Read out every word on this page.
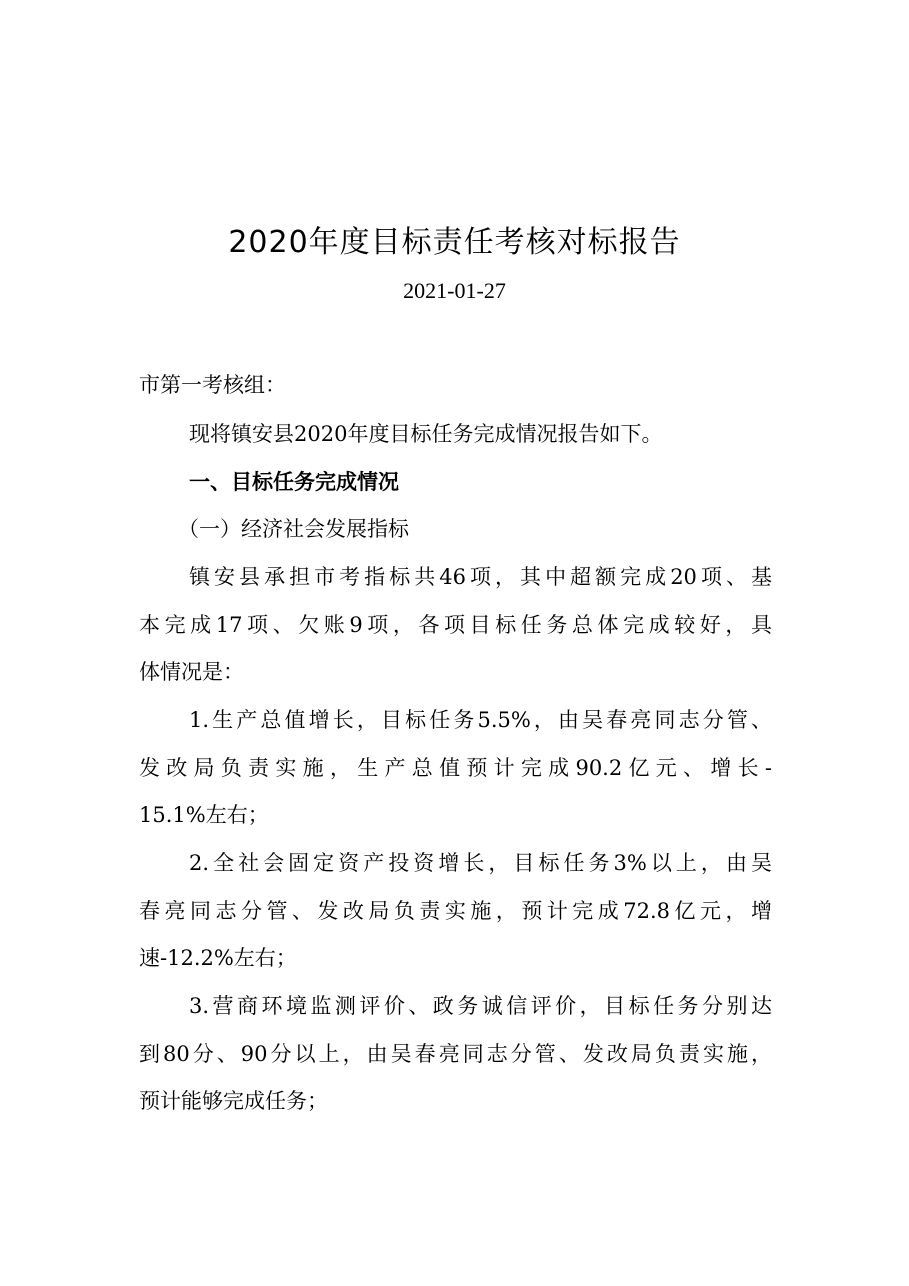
2020年度目标责任考核对标报告
2021-01-27
市第一考核组：
现将镇安县2020年度目标任务完成情况报告如下。
一、目标任务完成情况
（一）经济社会发展指标
镇安县承担市考指标共46项，其中超额完成20项、基
本完成17项、欠账9项，各项目标任务总体完成较好，具
体情况是：
1.生产总值增长，目标任务5.5%，由吴春亮同志分管、
发改局负责实施，生产总值预计完成90.2亿元、增长-
15.1%左右；
2.全社会固定资产投资增长，目标任务3%以上，由吴
春亮同志分管、发改局负责实施，预计完成72.8亿元，增
速-12.2%左右；
3.营商环境监测评价、政务诚信评价，目标任务分别达
到80分、90分以上，由吴春亮同志分管、发改局负责实施，
预计能够完成任务；
